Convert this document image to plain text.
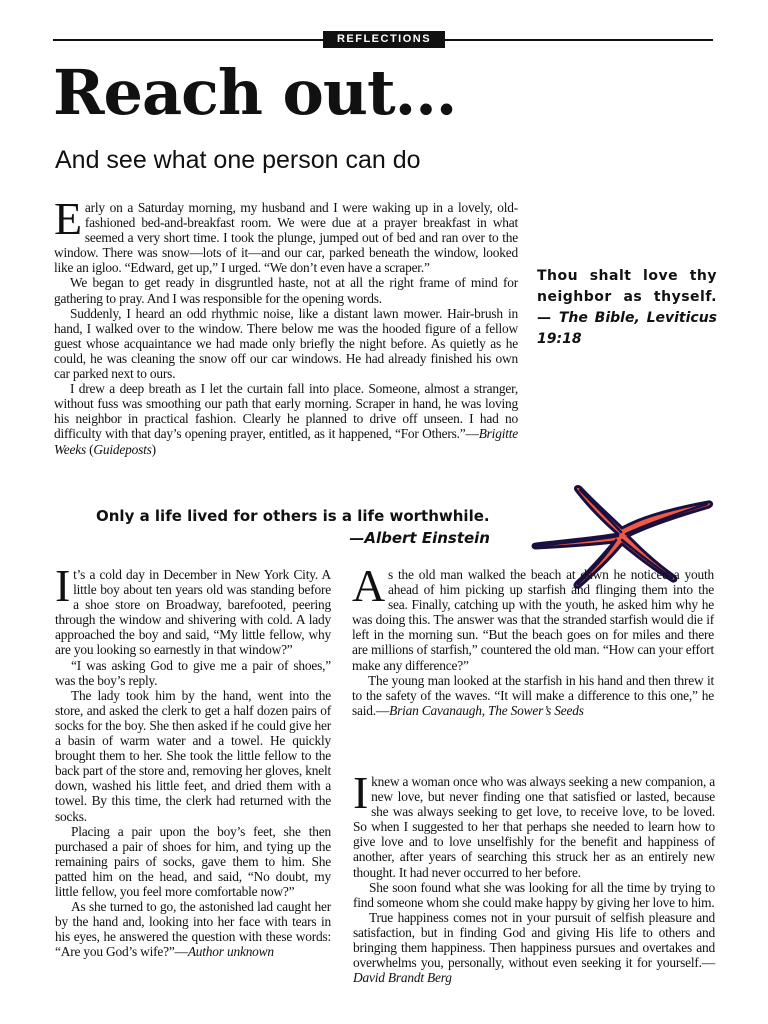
REFLECTIONS
Reach out...
And see what one person can do

Early on a Saturday morning, my husband and I were waking up in a lovely, old-fashioned bed-and-breakfast room. We were due at a prayer breakfast in what seemed a very short time. I took the plunge, jumped out of bed and ran over to the window. There was snow—lots of it—and our car, parked beneath the window, looked like an igloo. “Edward, get up,” I urged. “We don’t even have a scraper.”

We began to get ready in disgruntled haste, not at all the right frame of mind for gathering to pray. And I was responsible for the opening words.

Suddenly, I heard an odd rhythmic noise, like a distant lawn mower. Hair-brush in hand, I walked over to the window. There below me was the hooded figure of a fellow guest whose acquaintance we had made only briefly the night before. As quietly as he could, he was cleaning the snow off our car windows. He had already finished his own car parked next to ours.

I drew a deep breath as I let the curtain fall into place. Someone, almost a stranger, without fuss was smoothing our path that early morning. Scraper in hand, he was loving his neighbor in practical fashion. Clearly he planned to drive off unseen. I had no difficulty with that day’s opening prayer, entitled, as it happened, “For Others.”—Brigitte Weeks (Guideposts)

Thou shalt love thy neighbor as thyself.— The Bible, Leviticus 19:18
Only a life lived for others is a life worthwhile.
—Albert Einstein

It’s a cold day in December in New York City. A little boy about ten years old was standing before a shoe store on Broadway, barefooted, peering through the window and shivering with cold. A lady approached the boy and said, “My little fellow, why are you looking so earnestly in that window?”

“I was asking God to give me a pair of shoes,” was the boy’s reply.

The lady took him by the hand, went into the store, and asked the clerk to get a half dozen pairs of socks for the boy. She then asked if he could give her a basin of warm water and a towel. He quickly brought them to her. She took the little fellow to the back part of the store and, removing her gloves, knelt down, washed his little feet, and dried them with a towel. By this time, the clerk had returned with the socks.

Placing a pair upon the boy’s feet, she then purchased a pair of shoes for him, and tying up the remaining pairs of socks, gave them to him. She patted him on the head, and said, “No doubt, my little fellow, you feel more comfortable now?”

As she turned to go, the astonished lad caught her by the hand and, looking into her face with tears in his eyes, he answered the question with these words: “Are you God’s wife?”—Author unknown

As the old man walked the beach at dawn he noticed a youth ahead of him picking up starfish and flinging them into the sea. Finally, catching up with the youth, he asked him why he was doing this. The answer was that the stranded starfish would die if left in the morning sun. “But the beach goes on for miles and there are millions of starfish,” countered the old man. “How can your effort make any difference?”

The young man looked at the starfish in his hand and then threw it to the safety of the waves. “It will make a difference to this one,” he said.—Brian Cavanaugh, The Sower’s Seeds

I knew a woman once who was always seeking a new companion, a new love, but never finding one that satisfied or lasted, because she was always seeking to get love, to receive love, to be loved. So when I suggested to her that perhaps she needed to learn how to give love and to love unselfishly for the benefit and happiness of another, after years of searching this struck her as an entirely new thought. It had never occurred to her before.

She soon found what she was looking for all the time by trying to find someone whom she could make happy by giving her love to him.

True happiness comes not in your pursuit of selfish pleasure and satisfaction, but in finding God and giving His life to others and bringing them happiness. Then happiness pursues and overtakes and overwhelms you, personally, without even seeking it for yourself.—David Brandt Berg
